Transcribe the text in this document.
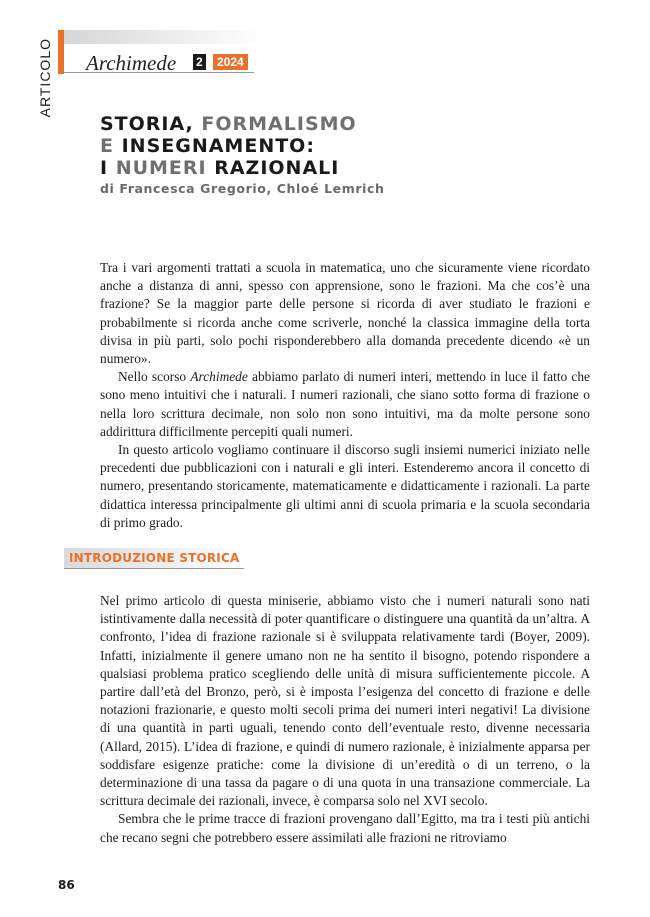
ARTICOLO Archimede 2	2024
STORIA, FORMALISMO
E INSEGNAMENTO:
I NUMERI RAZIONALI
di Francesca Gregorio, Chloé Lemrich

Tra i vari argomenti trattati a scuola in matematica, uno che sicuramente viene ricordato anche a distanza di anni, spesso con apprensione, sono le frazioni. Ma che cos’è una frazione? Se la maggior parte delle persone si ricorda di aver studiato le frazioni e probabilmente si ricorda anche come scriverle, nonché la classica immagine della torta divisa in più parti, solo pochi risponderebbero alla domanda precedente dicendo «è un numero».

Nello scorso Archimede abbiamo parlato di numeri interi, mettendo in luce il fatto che sono meno intuitivi che i naturali. I numeri razionali, che siano sotto forma di frazione o nella loro scrittura decimale, non solo non sono intuitivi, ma da molte persone sono addirittura difficilmente percepiti quali numeri.

In questo articolo vogliamo continuare il discorso sugli insiemi numerici iniziato nelle precedenti due pubblicazioni con i naturali e gli interi. Estenderemo ancora il concetto di numero, presentando storicamente, matematicamente e didatticamente i razionali. La parte didattica interessa principalmente gli ultimi anni di scuola primaria e la scuola secondaria di primo grado.

INTRODUZIONE STORICA

Nel primo articolo di questa miniserie, abbiamo visto che i numeri naturali sono nati istintivamente dalla necessità di poter quantificare o distinguere una quantità da un’altra. A confronto, l’idea di frazione razionale si è sviluppata relativamente tardi (Boyer, 2009). Infatti, inizialmente il genere umano non ne ha sentito il bisogno, potendo rispondere a qualsiasi problema pratico scegliendo delle unità di misura sufficientemente piccole. A partire dall’età del Bronzo, però, si è imposta l’esigenza del concetto di frazione e delle notazioni frazionarie, e questo molti secoli prima dei numeri interi negativi! La divisione di una quantità in parti uguali, tenendo conto dell’eventuale resto, divenne necessaria (Allard, 2015). L’idea di frazione, e quindi di numero razionale, è inizialmente apparsa per soddisfare esigenze pratiche: come la divisione di un’eredità o di un terreno, o la determinazione di una tassa da pagare o di una quota in una transazione commerciale. La scrittura decimale dei razionali, invece, è comparsa solo nel XVI secolo.

Sembra che le prime tracce di frazioni provengano dall’Egitto, ma tra i testi più antichi che recano segni che potrebbero essere assimilati alle frazioni ne ritroviamo

86
